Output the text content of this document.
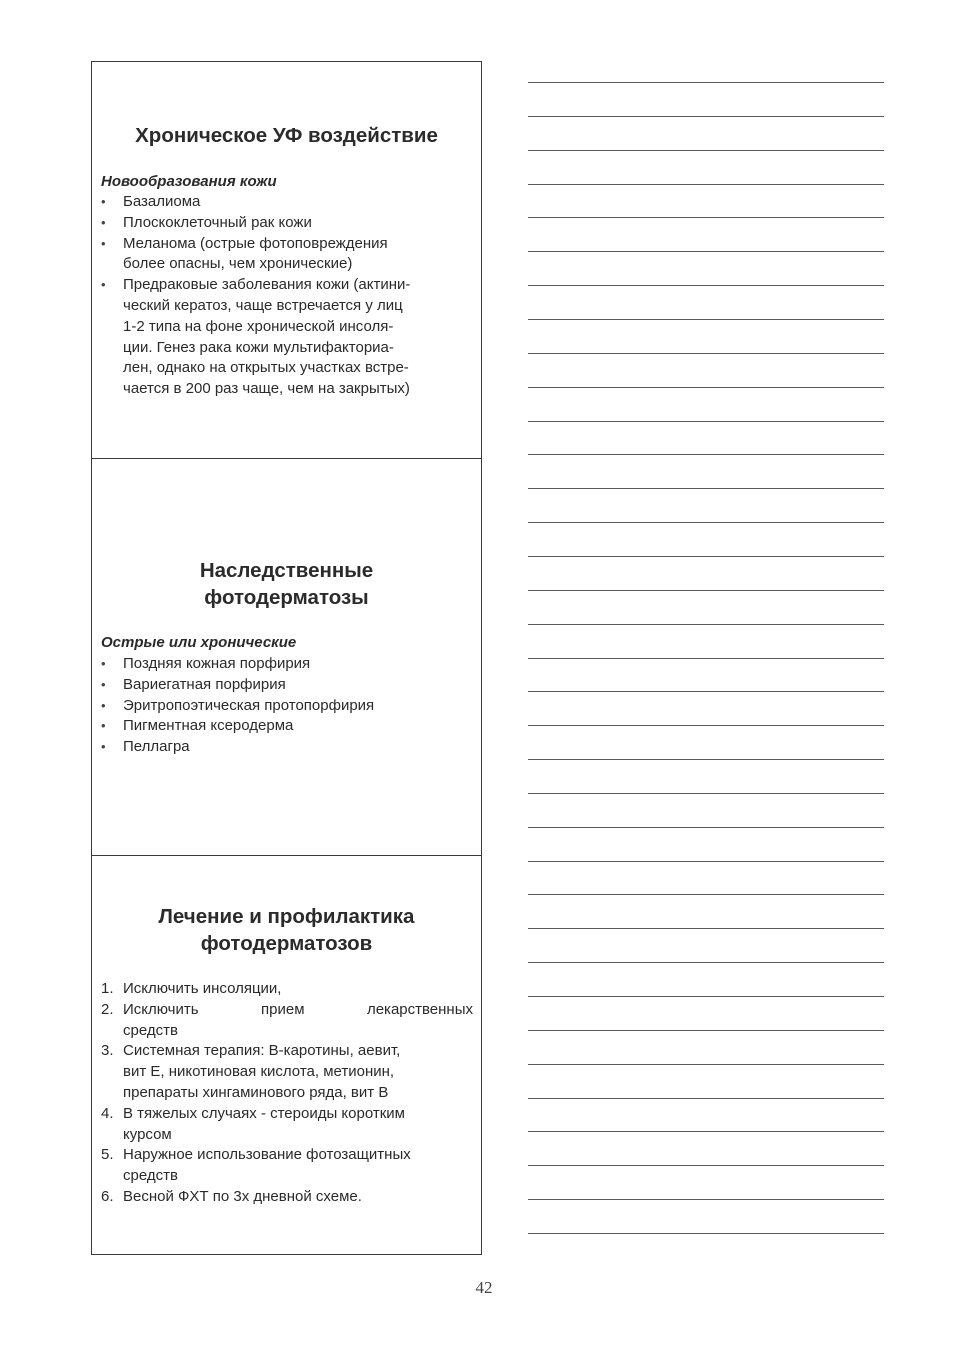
Хроническое УФ воздействие
Новообразования кожи
• Базалиома
• Плоскоклеточный рак кожи
• Меланома (острые фотоповреждения
более опасны, чем хронические)
• Предраковые заболевания кожи (актини-
ческий кератоз, чаще встречается у лиц
1-2 типа на фоне хронической инсоля-
ции. Генез рака кожи мультифакториа-
лен, однако на открытых участках встре-
чается в 200 раз чаще, чем на закрытых)
Наследственные
фотодерматозы
Острые или хронические
• Поздняя кожная порфирия
• Вариегатная порфирия
• Эритропоэтическая протопорфирия
• Пигментная ксеродерма
• Пеллагра
Лечение и профилактика
фотодерматозов
1. Исключить инсоляции,
2. Исключить	прием	лекарственных
средств
3. Системная терапия: В-каротины, аевит,
вит Е, никотиновая кислота, метионин,
препараты хингаминового ряда, вит В
4. В тяжелых случаях - стероиды коротким
курсом
5. Наружное использование фотозащитных
средств
6. Весной ФХТ по 3х дневной схеме.
42
